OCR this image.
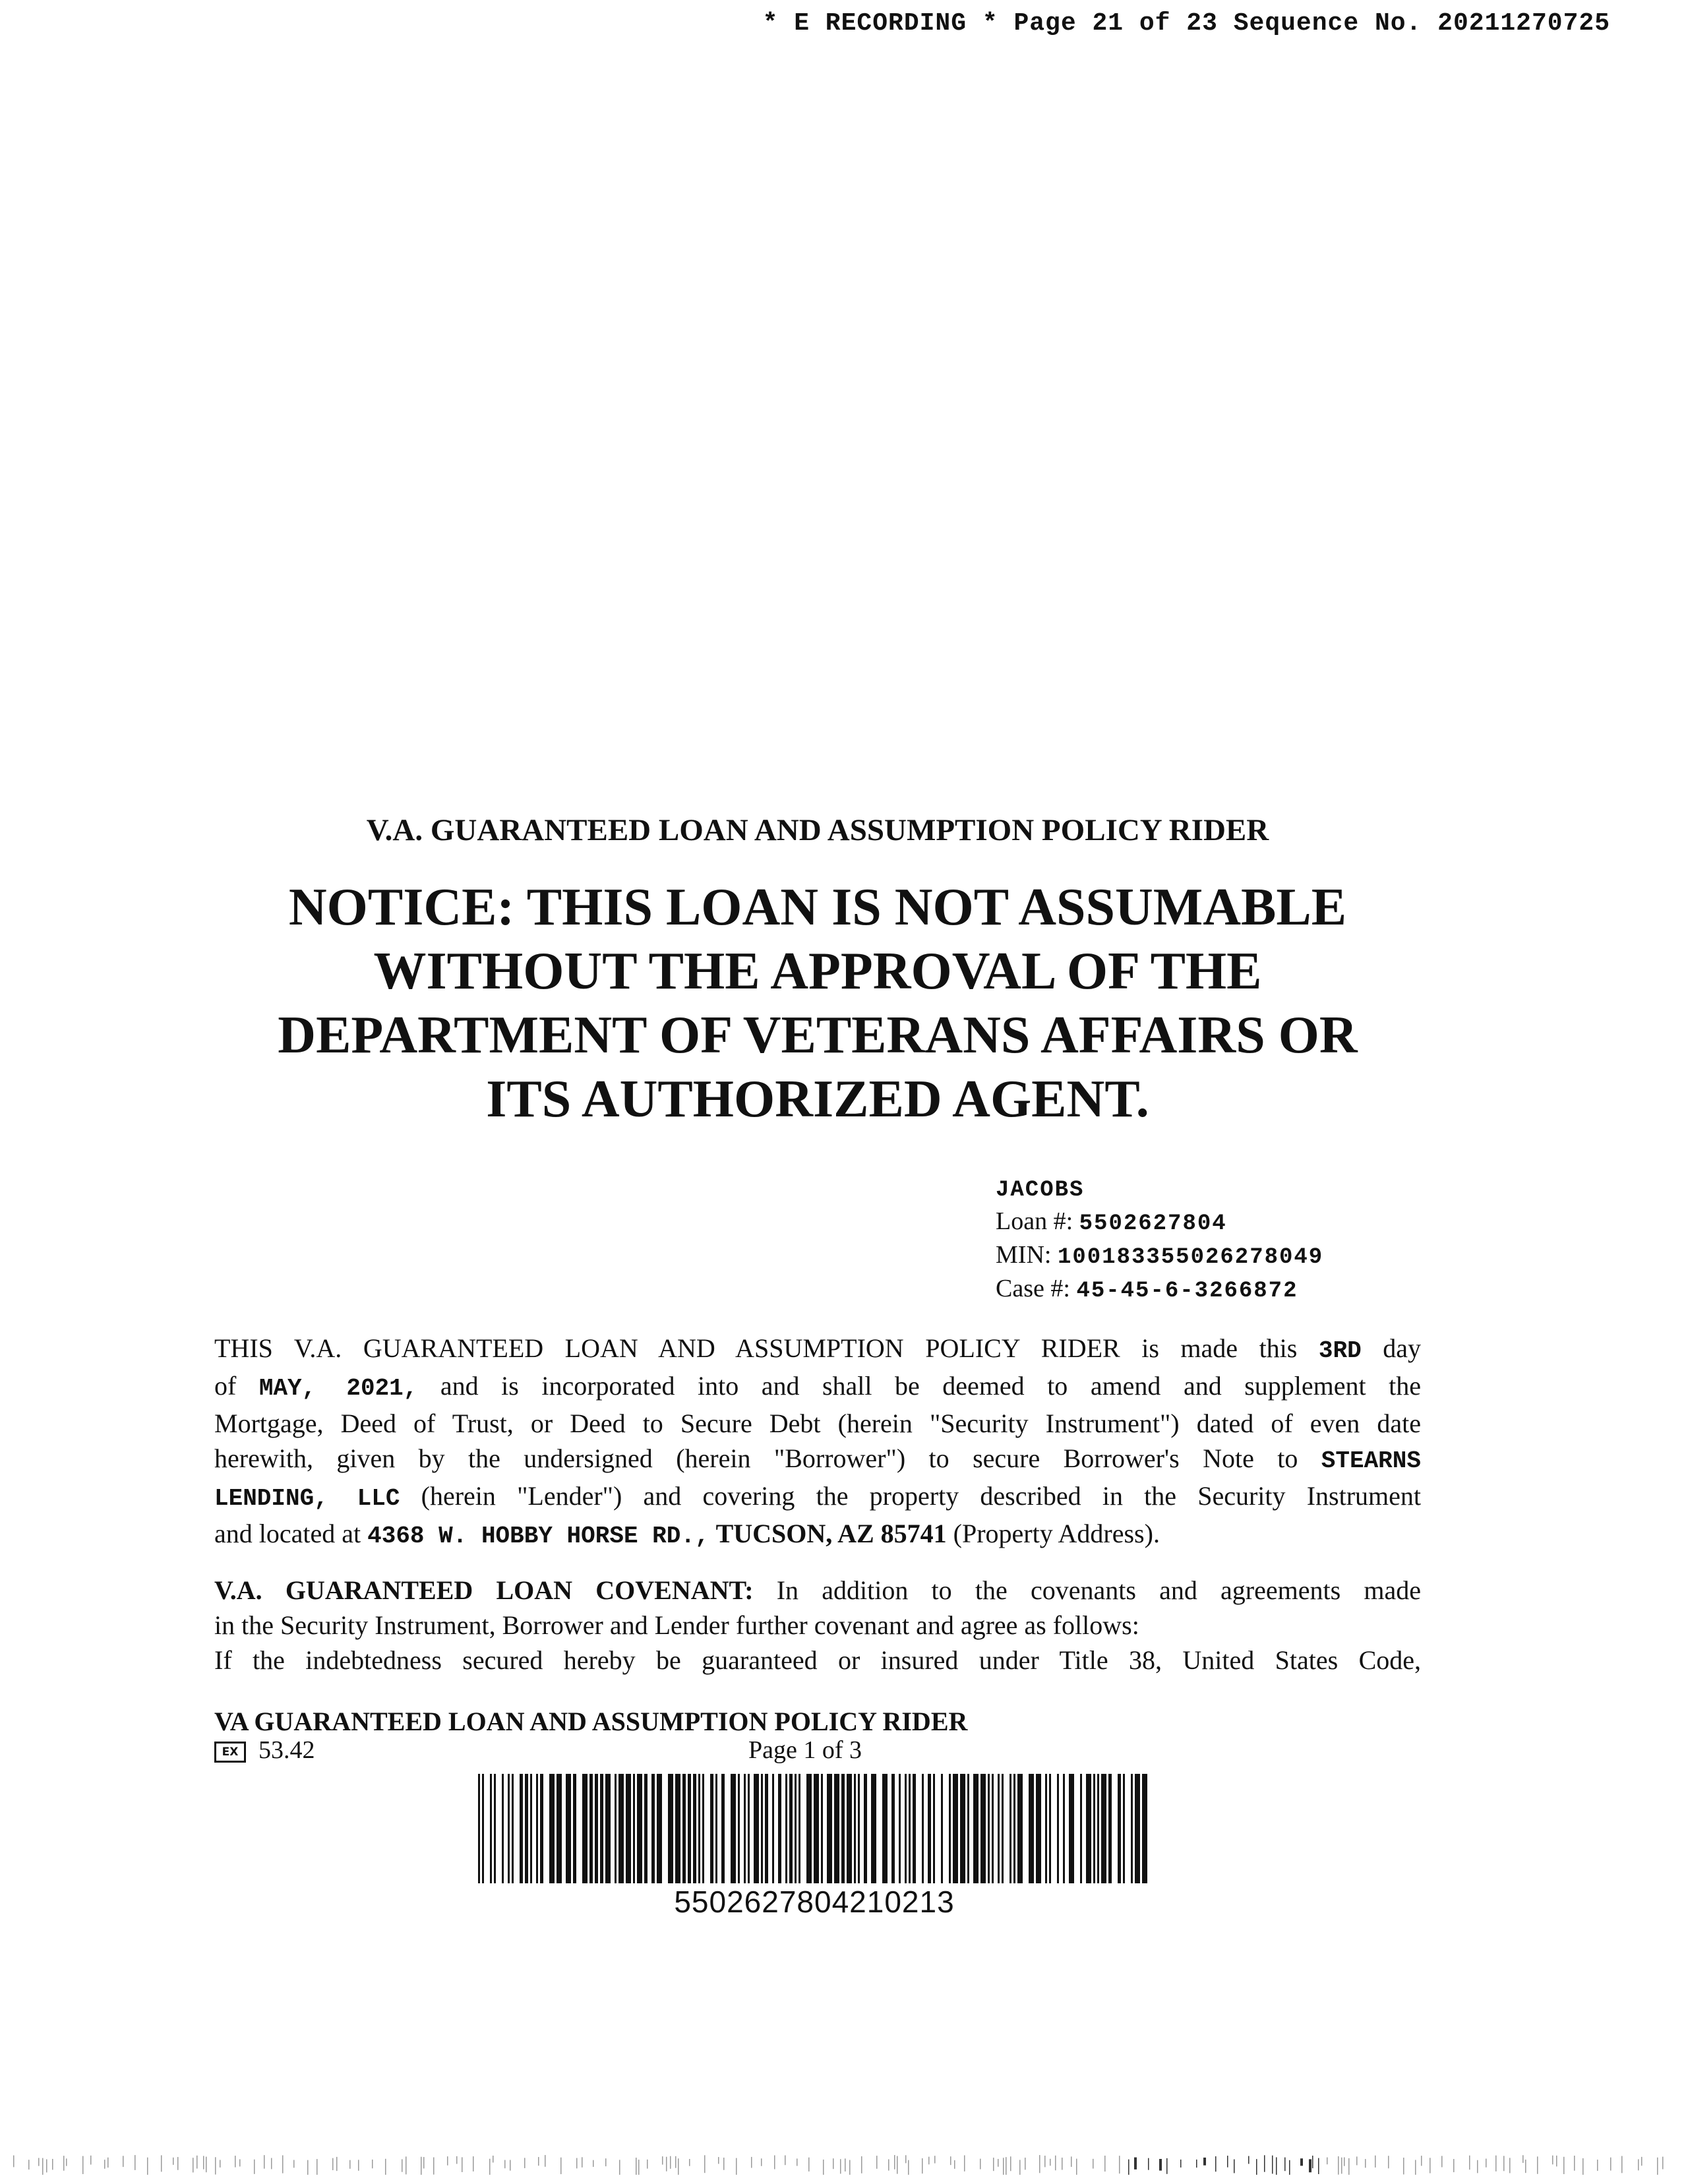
* E RECORDING * Page 21 of 23 Sequence No. 20211270725
V.A. GUARANTEED LOAN AND ASSUMPTION POLICY RIDER
NOTICE: THIS LOAN IS NOT ASSUMABLE
WITHOUT THE APPROVAL OF THE
DEPARTMENT OF VETERANS AFFAIRS OR
ITS AUTHORIZED AGENT.
JACOBS
Loan #: 5502627804
MIN: 100183355026278049
Case #: 45-45-6-3266872
THIS V.A. GUARANTEED LOAN AND ASSUMPTION POLICY RIDER is made this 3RD day
of MAY, 2021, and is incorporated into and shall be deemed to amend and supplement the
Mortgage, Deed of Trust, or Deed to Secure Debt (herein "Security Instrument") dated of even date
herewith, given by the undersigned (herein "Borrower") to secure Borrower's Note to STEARNS
LENDING, LLC (herein "Lender") and covering the property described in the Security Instrument
and located at 4368 W. HOBBY HORSE RD., TUCSON, AZ 85741 (Property Address).
V.A. GUARANTEED LOAN COVENANT: In addition to the covenants and agreements made
in the Security Instrument, Borrower and Lender further covenant and agree as follows:
If the indebtedness secured hereby be guaranteed or insured under Title 38, United States Code,
VA GUARANTEED LOAN AND ASSUMPTION POLICY RIDER
EX 53.42	Page 1 of 3
5502627804210213
